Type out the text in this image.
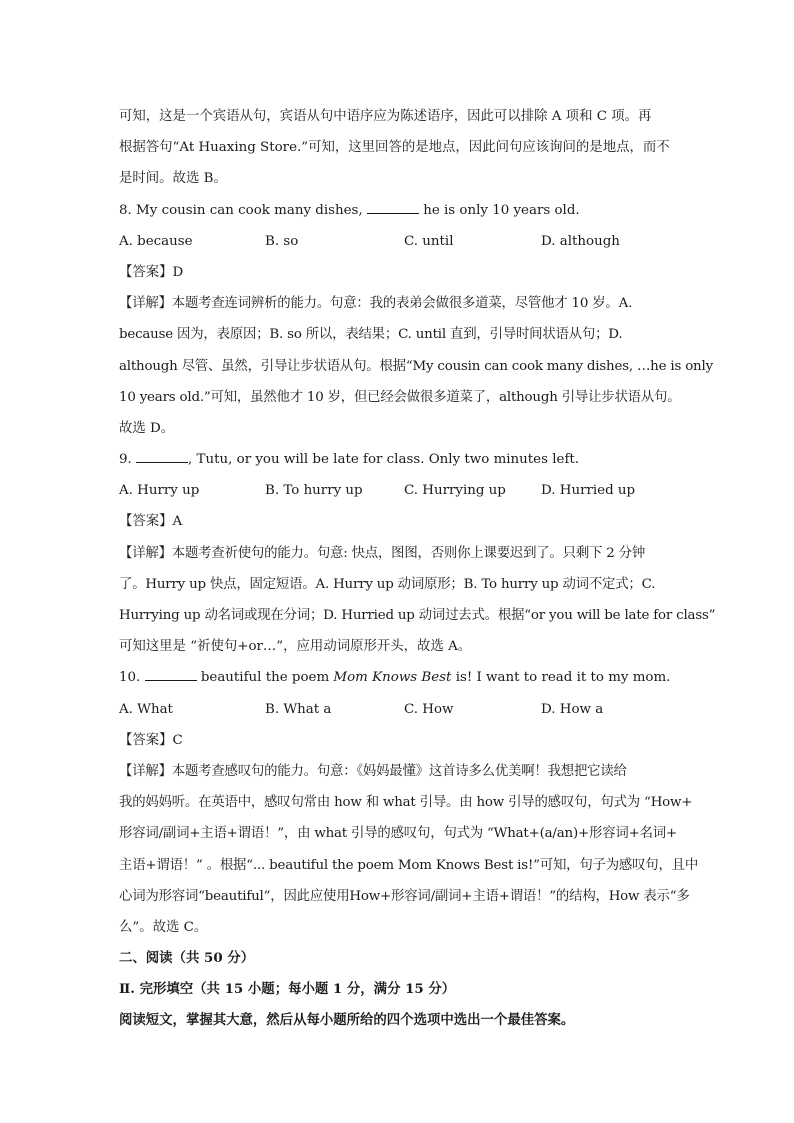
可知，这是一个宾语从句，宾语从句中语序应为陈述语序，因此可以排除 A 项和 C 项。再
根据答句“At Huaxing Store.”可知，这里回答的是地点，因此问句应该询问的是地点，而不
是时间。故选 B。
8. My cousin can cook many dishes,	he is only 10 years old.
A. because	B. so	C. until	D. although
【答案】D
【详解】本题考查连词辨析的能力。句意：我的表弟会做很多道菜，尽管他才 10 岁。A.
because 因为，表原因；B. so 所以，表结果；C. until 直到，引导时间状语从句；D.
although 尽管、虽然，引导让步状语从句。根据“My cousin can cook many dishes, …he is only
10 years old.”可知，虽然他才 10 岁，但已经会做很多道菜了，although 引导让步状语从句。
故选 D。
9.	, Tutu, or you will be late for class. Only two minutes left.
A. Hurry up	B. To hurry up	C. Hurrying up	D. Hurried up
【答案】A
【详解】本题考查祈使句的能力。句意: 快点，图图，否则你上课要迟到了。只剩下 2 分钟
了。Hurry up 快点，固定短语。A. Hurry up 动词原形；B. To hurry up 动词不定式；C.
Hurrying up 动名词或现在分词；D. Hurried up 动词过去式。根据“or you will be late for class”
可知这里是 “祈使句+or…”，应用动词原形开头，故选 A。
10.	beautiful the poem Mom Knows Best is! I want to read it to my mom.
A. What	B. What a	C. How	D. How a
【答案】C
【详解】本题考查感叹句的能力。句意：《妈妈最懂》这首诗多么优美啊！我想把它读给
我的妈妈听。在英语中，感叹句常由 how 和 what 引导。由 how 引导的感叹句，句式为 “How+
形容词/副词+主语+谓语！”，由 what 引导的感叹句，句式为 “What+(a/an)+形容词+名词+
主语+谓语！” 。根据“... beautiful the poem Mom Knows Best is!”可知，句子为感叹句，且中
心词为形容词“beautiful”，因此应使用How+形容词/副词+主语+谓语！”的结构，How 表示“多
么”。故选 C。
二、阅读（共 50 分）
Ⅱ. 完形填空（共 15 小题；每小题 1 分，满分 15 分）
阅读短文，掌握其大意，然后从每小题所给的四个选项中选出一个最佳答案。
